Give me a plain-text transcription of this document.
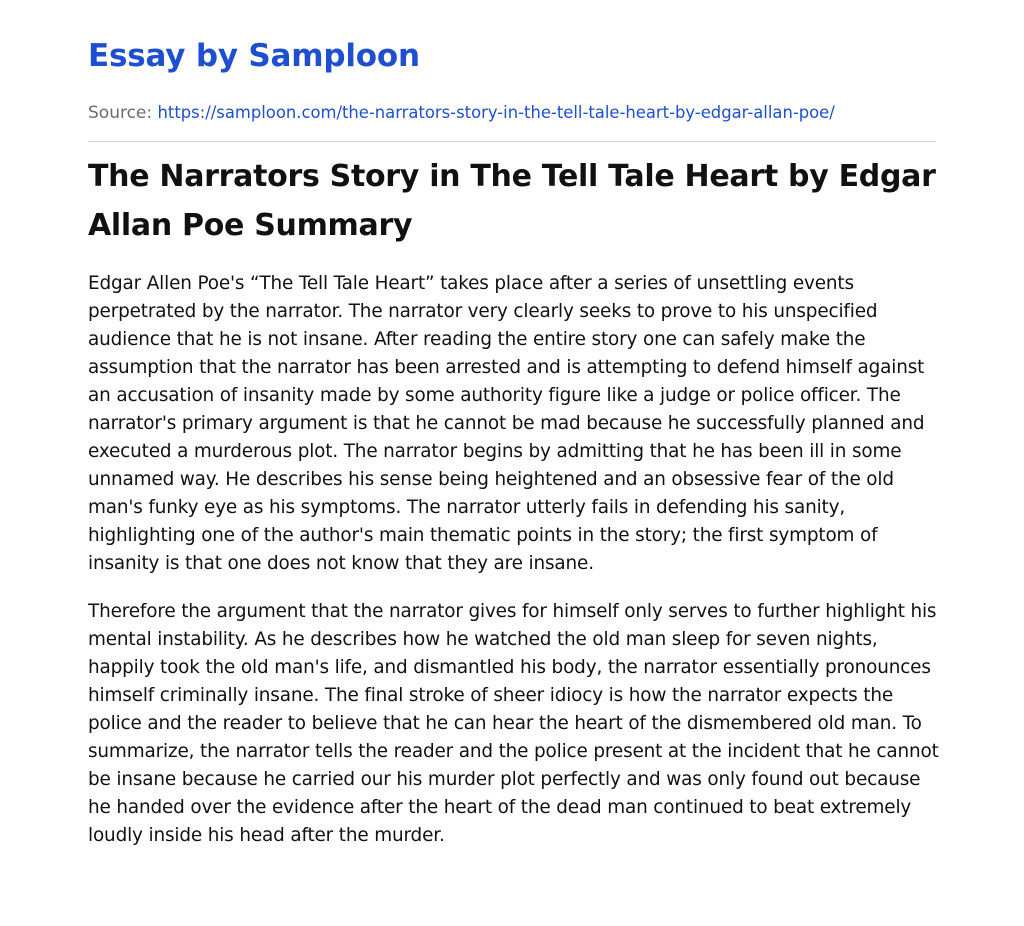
Essay by Samploon

Source: https://samploon.com/the-narrators-story-in-the-tell-tale-heart-by-edgar-allan-poe/

The Narrators Story in The Tell Tale Heart by Edgar Allan Poe Summary

Edgar Allen Poe's “The Tell Tale Heart” takes place after a series of unsettling events perpetrated by the narrator. The narrator very clearly seeks to prove to his unspecified audience that he is not insane. After reading the entire story one can safely make the assumption that the narrator has been arrested and is attempting to defend himself against an accusation of insanity made by some authority figure like a judge or police officer. The narrator's primary argument is that he cannot be mad because he successfully planned and executed a murderous plot. The narrator begins by admitting that he has been ill in some unnamed way. He describes his sense being heightened and an obsessive fear of the old man's funky eye as his symptoms. The narrator utterly fails in defending his sanity, highlighting one of the author's main thematic points in the story; the first symptom of insanity is that one does not know that they are insane.

Therefore the argument that the narrator gives for himself only serves to further highlight his mental instability. As he describes how he watched the old man sleep for seven nights, happily took the old man's life, and dismantled his body, the narrator essentially pronounces himself criminally insane. The final stroke of sheer idiocy is how the narrator expects the police and the reader to believe that he can hear the heart of the dismembered old man. To summarize, the narrator tells the reader and the police present at the incident that he cannot be insane because he carried our his murder plot perfectly and was only found out because he handed over the evidence after the heart of the dead man continued to beat extremely loudly inside his head after the murder.
